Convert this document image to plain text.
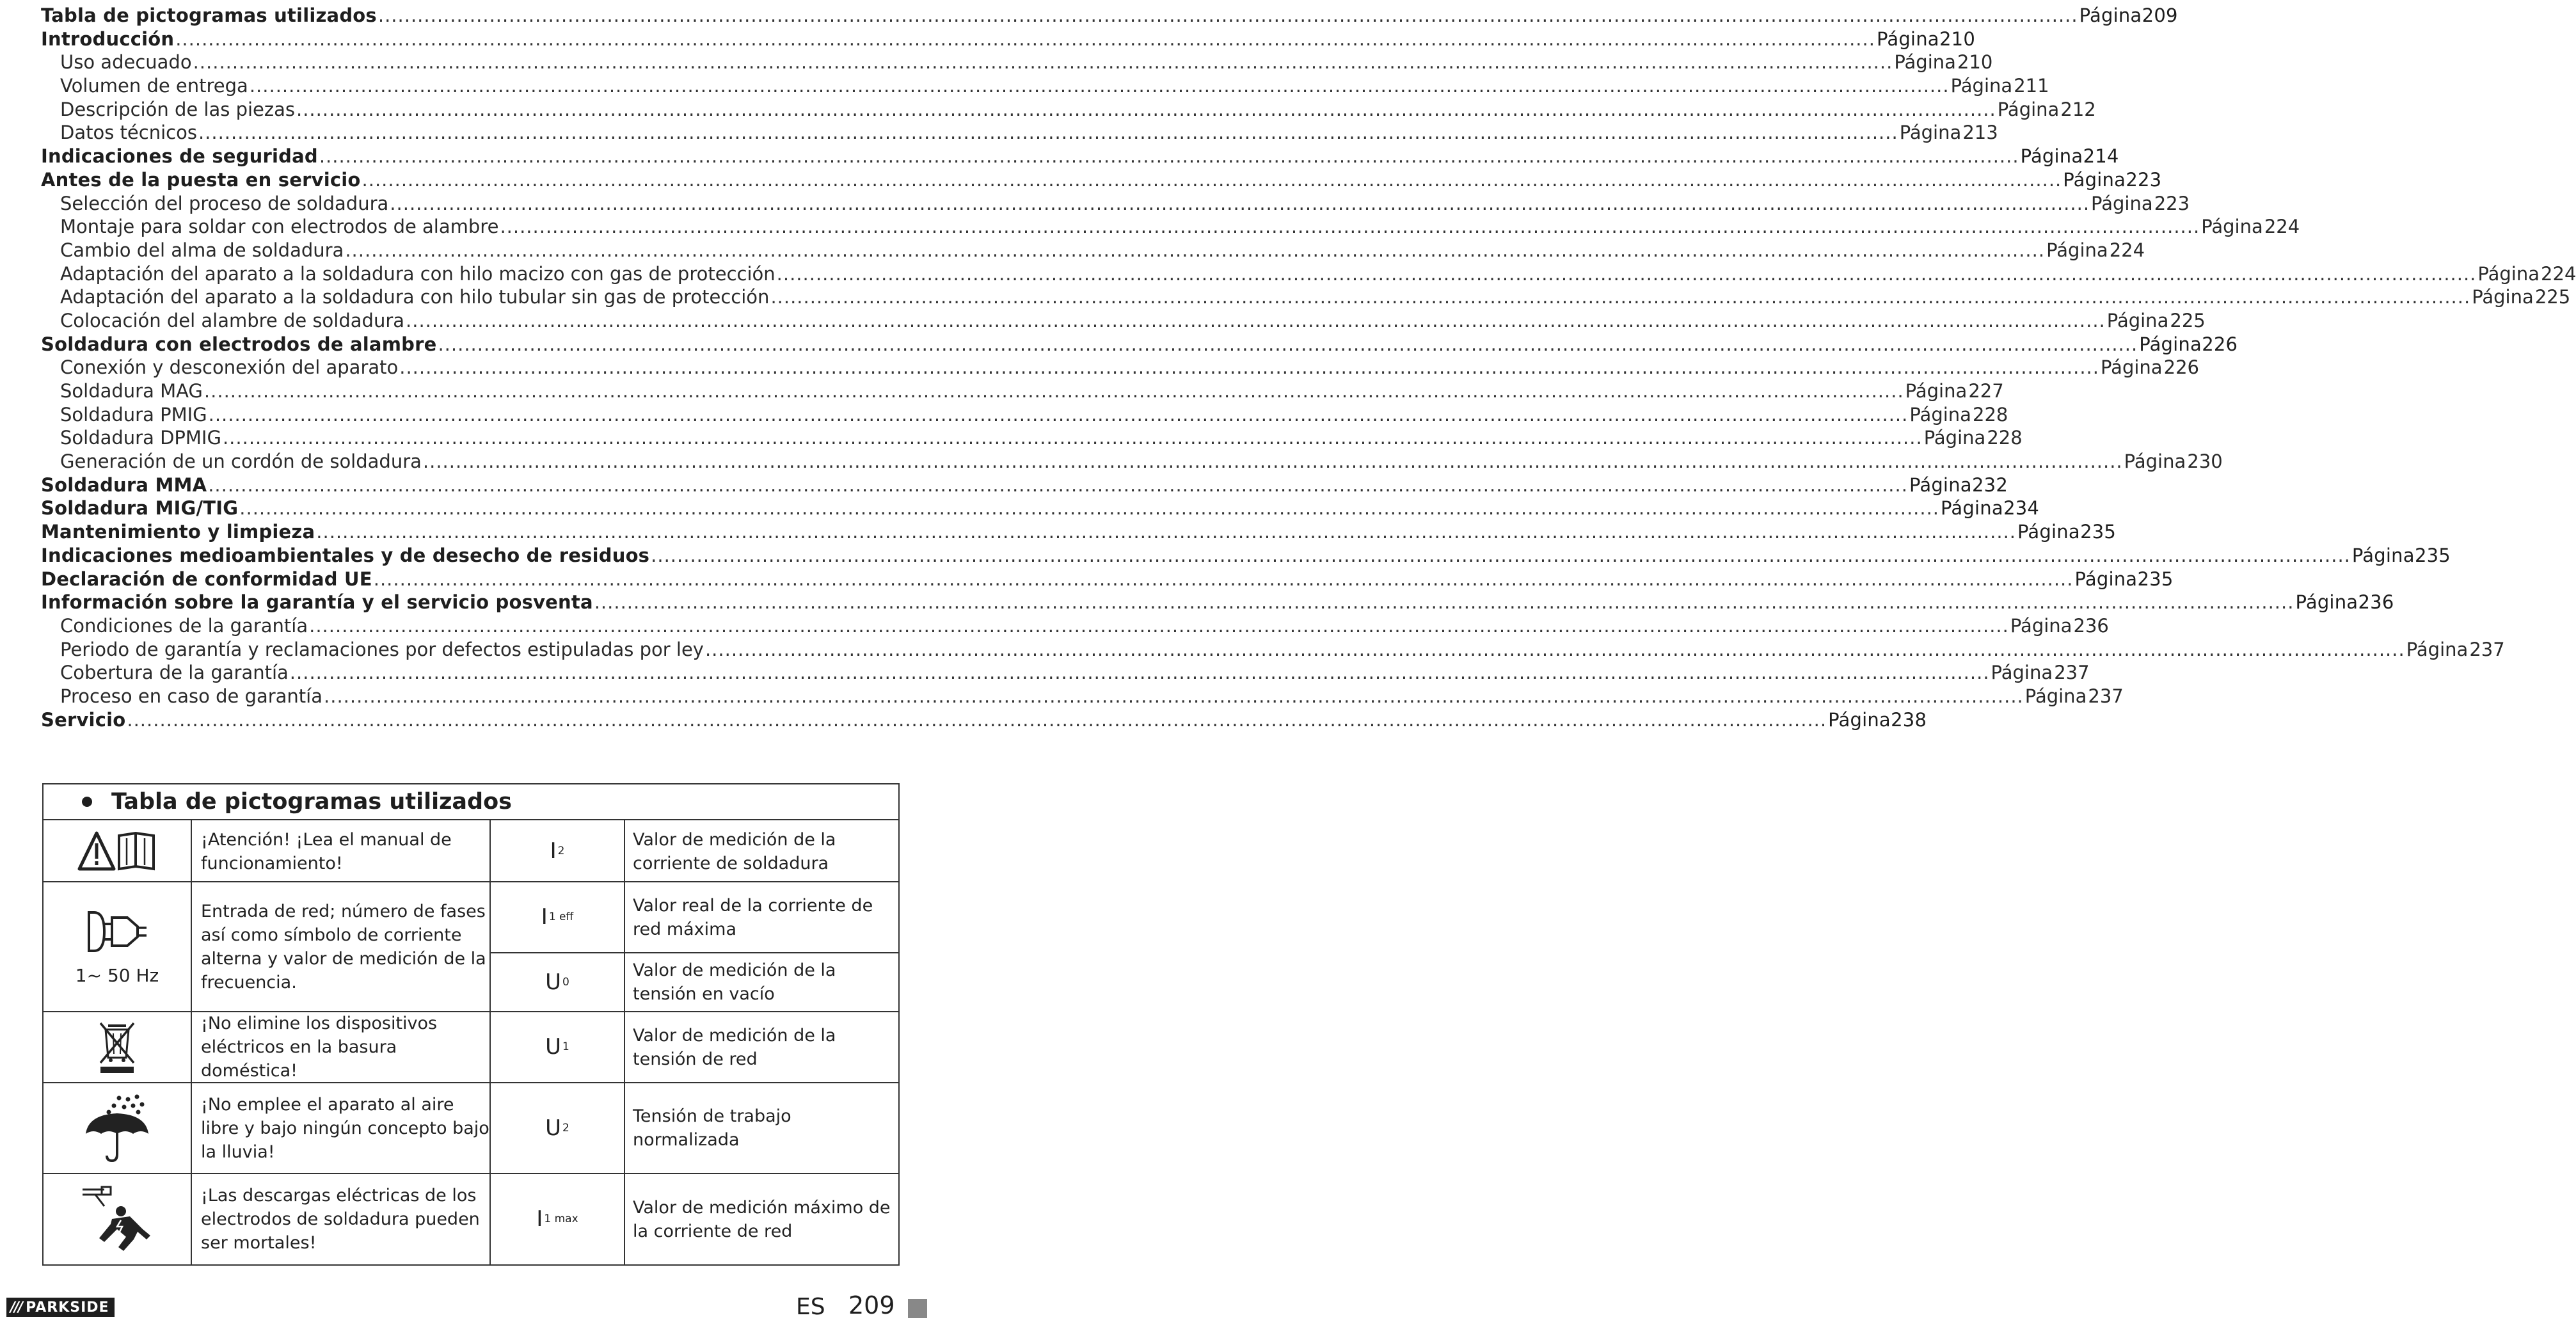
Tabla de pictogramas utilizados .................................................................................................................................................................................................................................................................... Página 209
Introducción .................................................................................................................................................................................................................................................................... Página 210
Uso adecuado .................................................................................................................................................................................................................................................................... Página 210
Volumen de entrega .................................................................................................................................................................................................................................................................... Página 211
Descripción de las piezas .................................................................................................................................................................................................................................................................... Página 212
Datos técnicos .................................................................................................................................................................................................................................................................... Página 213
Indicaciones de seguridad .................................................................................................................................................................................................................................................................... Página 214
Antes de la puesta en servicio .................................................................................................................................................................................................................................................................... Página 223
Selección del proceso de soldadura .................................................................................................................................................................................................................................................................... Página 223
Montaje para soldar con electrodos de alambre .................................................................................................................................................................................................................................................................... Página 224
Cambio del alma de soldadura .................................................................................................................................................................................................................................................................... Página 224
Adaptación del aparato a la soldadura con hilo macizo con gas de protección .................................................................................................................................................................................................................................................................... Página 224
Adaptación del aparato a la soldadura con hilo tubular sin gas de protección .................................................................................................................................................................................................................................................................... Página 225
Colocación del alambre de soldadura .................................................................................................................................................................................................................................................................... Página 225
Soldadura con electrodos de alambre .................................................................................................................................................................................................................................................................... Página 226
Conexión y desconexión del aparato .................................................................................................................................................................................................................................................................... Página 226
Soldadura MAG .................................................................................................................................................................................................................................................................... Página 227
Soldadura PMIG .................................................................................................................................................................................................................................................................... Página 228
Soldadura DPMIG .................................................................................................................................................................................................................................................................... Página 228
Generación de un cordón de soldadura .................................................................................................................................................................................................................................................................... Página 230
Soldadura MMA .................................................................................................................................................................................................................................................................... Página 232
Soldadura MIG/TIG .................................................................................................................................................................................................................................................................... Página 234
Mantenimiento y limpieza .................................................................................................................................................................................................................................................................... Página 235
Indicaciones medioambientales y de desecho de residuos .................................................................................................................................................................................................................................................................... Página 235
Declaración de conformidad UE .................................................................................................................................................................................................................................................................... Página 235
Información sobre la garantía y el servicio posventa .................................................................................................................................................................................................................................................................... Página 236
Condiciones de la garantía .................................................................................................................................................................................................................................................................... Página 236
Periodo de garantía y reclamaciones por defectos estipuladas por ley .................................................................................................................................................................................................................................................................... Página 237
Cobertura de la garantía .................................................................................................................................................................................................................................................................... Página 237
Proceso en caso de garantía .................................................................................................................................................................................................................................................................... Página 237
Servicio .................................................................................................................................................................................................................................................................... Página 238
Tabla de pictogramas utilizados
1~ 50 Hz
¡Atención! ¡Lea el manual de funcionamiento!
Entrada de red; número de fases así como símbolo de corriente alterna y valor de medición de la frecuencia.
¡No elimine los dispositivos eléctricos en la basura doméstica!
¡No emplee el aparato al aire libre y bajo ningún concepto bajo la lluvia!
¡Las descargas eléctricas de los electrodos de soldadura pueden ser mortales!
I 2
I 1 eff
U 0
U 1
U 2
I 1 max
Valor de medición de la corriente de soldadura
Valor real de la corriente de red máxima
Valor de medición de la tensión en vacío
Valor de medición de la tensión de red
Tensión de trabajo normalizada
Valor de medición máximo de la corriente de red
/// PARKSIDE	ES 209
